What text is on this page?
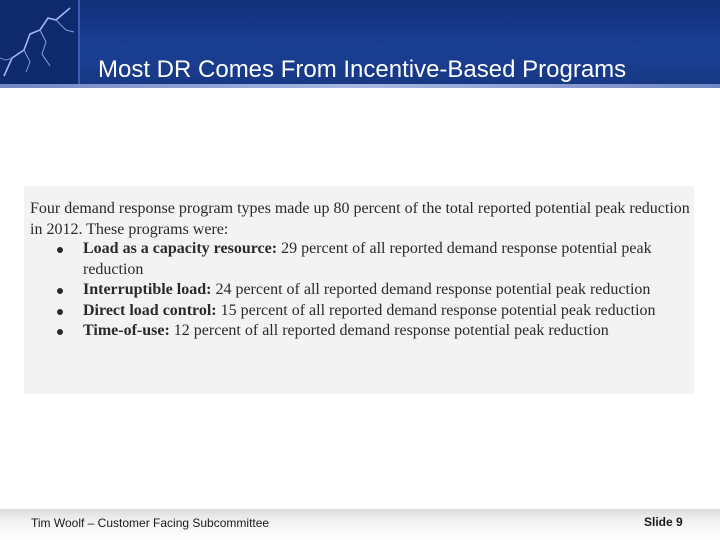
Most DR Comes From Incentive-Based Programs
Four demand response program types made up 80 percent of the total reported potential peak reduction in 2012. These programs were:
Load as a capacity resource: 29 percent of all reported demand response potential peak reduction
Interruptible load: 24 percent of all reported demand response potential peak reduction
Direct load control: 15 percent of all reported demand response potential peak reduction
Time-of-use: 12 percent of all reported demand response potential peak reduction
Tim Woolf – Customer Facing Subcommittee	Slide 9
